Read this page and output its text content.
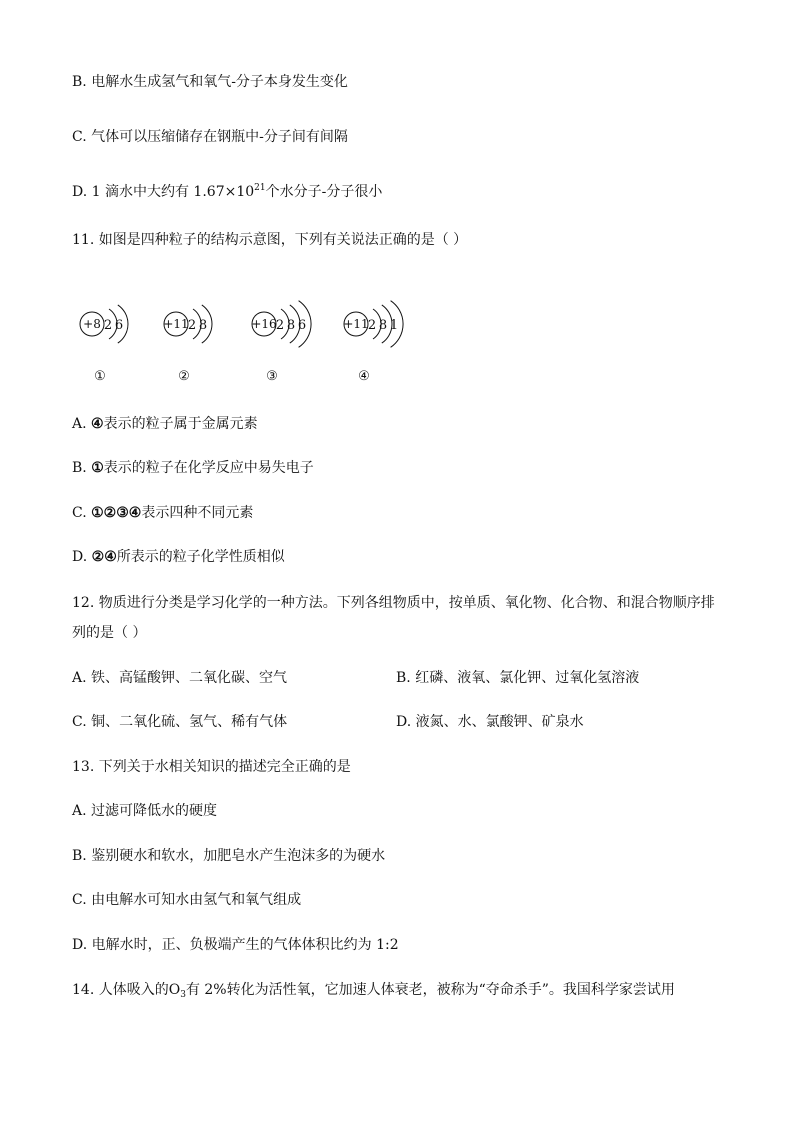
B. 电解水生成氢气和氧气-分子本身发生变化
C. 气体可以压缩储存在钢瓶中-分子间有间隔
D. 1 滴水中大约有 $1.67\times 10^{21}$个水分子-分子很小
11. 如图是四种粒子的结构示意图，下列有关说法正确的是（ ）
+8 2 6
①
+11 2 8
②
+16 2 8 6
③
+11 2 8 1
④
A. ④表示的粒子属于金属元素
B. ①表示的粒子在化学反应中易失电子
C. ①②③④表示四种不同元素
D. ②④所表示的粒子化学性质相似
12. 物质进行分类是学习化学的一种方法。下列各组物质中，按单质、氧化物、化合物、和混合物顺序排
列的是（ ）
A. 铁、高锰酸钾、二氧化碳、空气	B. 红磷、液氧、氯化钾、过氧化氢溶液
C. 铜、二氧化硫、氢气、稀有气体	D. 液氮、水、氯酸钾、矿泉水
13. 下列关于水相关知识的描述完全正确的是
A. 过滤可降低水的硬度
B. 鉴别硬水和软水，加肥皂水产生泡沫多的为硬水
C. 由电解水可知水由氢气和氧气组成
D. 电解水时，正、负极端产生的气体体积比约为 1:2
14. 人体吸入的$O_3$有 2%转化为活性氧，它加速人体衰老，被称为“夺命杀手”。我国科学家尝试用
